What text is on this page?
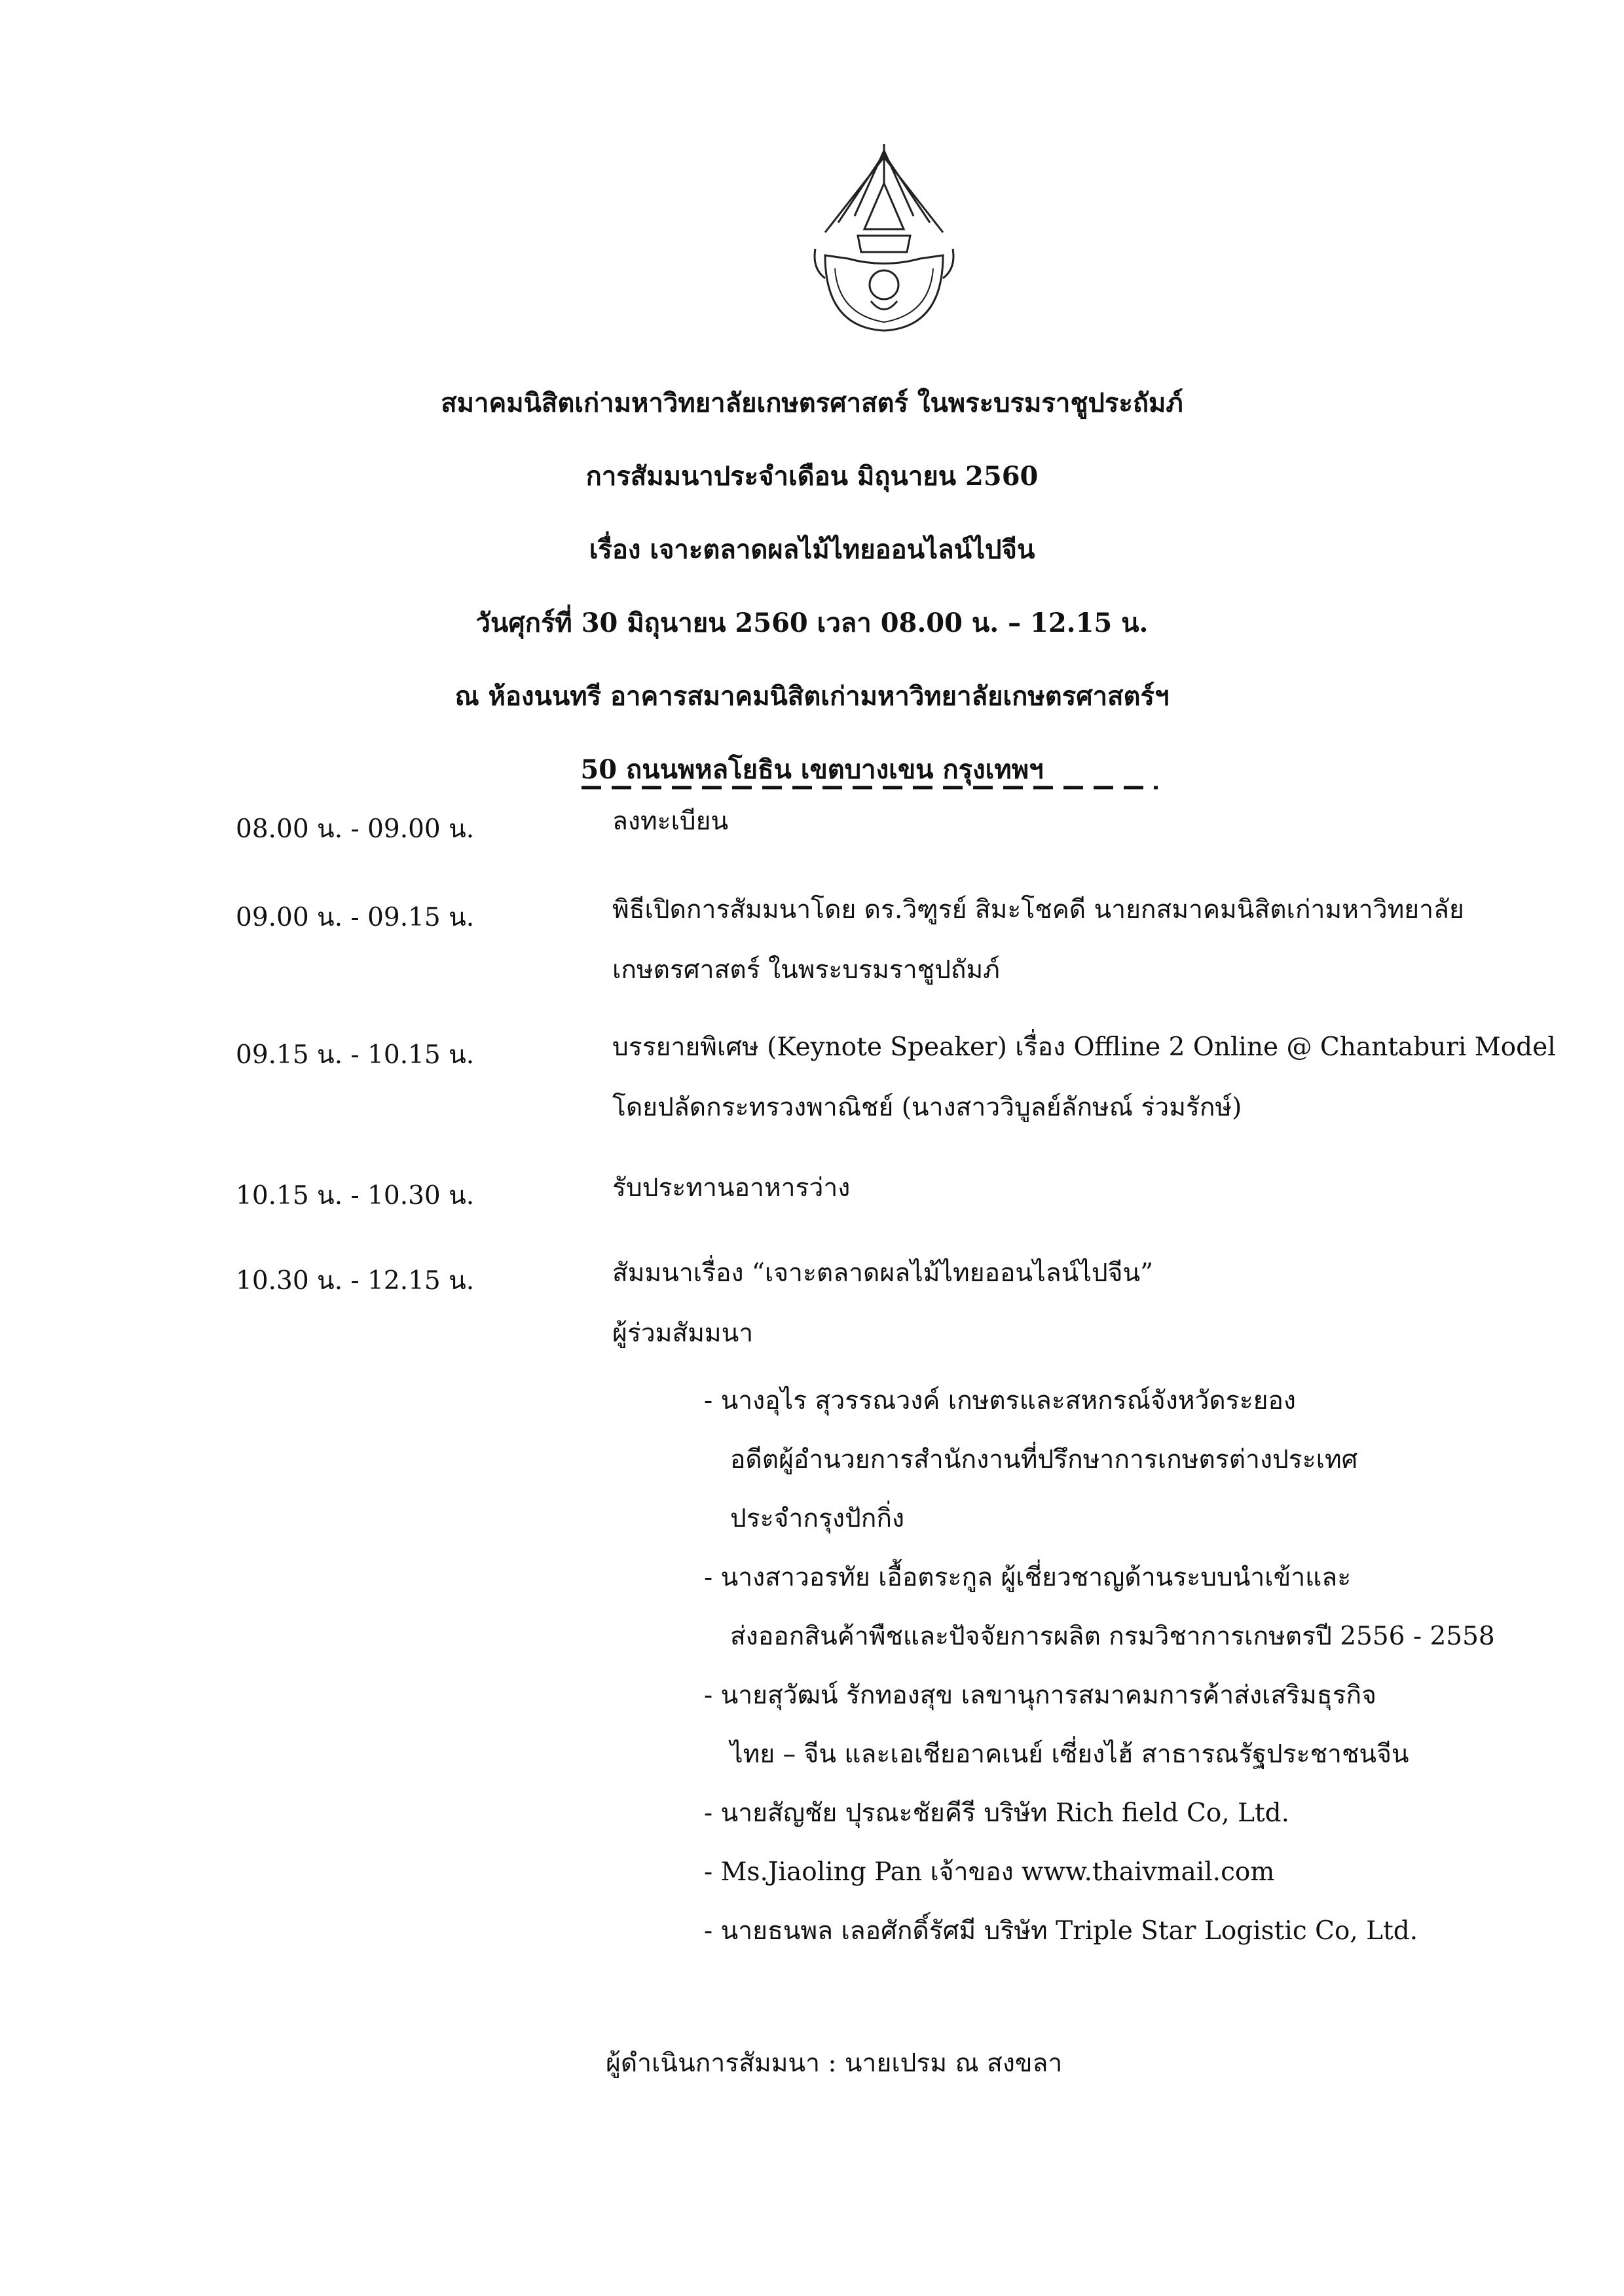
สมาคมนิสิตเก่ามหาวิทยาลัยเกษตรศาสตร์ ในพระบรมราชูประถัมภ์
การสัมมนาประจำเดือน มิถุนายน 2560
เรื่อง เจาะตลาดผลไม้ไทยออนไลน์ไปจีน
วันศุกร์ที่ 30 มิถุนายน 2560 เวลา 08.00 น. – 12.15 น.
ณ ห้องนนทรี อาคารสมาคมนิสิตเก่ามหาวิทยาลัยเกษตรศาสตร์ฯ
50 ถนนพหลโยธิน เขตบางเขน กรุงเทพฯ
08.00 น. - 09.00 น.	ลงทะเบียน

09.00 น. - 09.15 น.	พิธีเปิดการสัมมนาโดย ดร.วิฑูรย์ สิมะโชคดี นายกสมาคมนิสิตเก่ามหาวิทยาลัย

เกษตรศาสตร์ ในพระบรมราชูปถัมภ์

09.15 น. - 10.15 น.	บรรยายพิเศษ (Keynote Speaker) เรื่อง Offline 2 Online @ Chantaburi Model

โดยปลัดกระทรวงพาณิชย์ (นางสาววิบูลย์ลักษณ์ ร่วมรักษ์)

10.15 น. - 10.30 น.	รับประทานอาหารว่าง

10.30 น. - 12.15 น.	สัมมนาเรื่อง “เจาะตลาดผลไม้ไทยออนไลน์ไปจีน”

ผู้ร่วมสัมมนา

- นางอุไร สุวรรณวงค์ เกษตรและสหกรณ์จังหวัดระยอง

อดีตผู้อำนวยการสำนักงานที่ปรึกษาการเกษตรต่างประเทศ

ประจำกรุงปักกิ่ง

- นางสาวอรทัย เอื้อตระกูล ผู้เชี่ยวชาญด้านระบบนำเข้าและ

ส่งออกสินค้าพืชและปัจจัยการผลิต กรมวิชาการเกษตรปี 2556 - 2558

- นายสุวัฒน์ รักทองสุข เลขานุการสมาคมการค้าส่งเสริมธุรกิจ

ไทย – จีน และเอเชียอาคเนย์ เซี่ยงไฮ้ สาธารณรัฐประชาชนจีน

- นายสัญชัย ปุรณะชัยคีรี บริษัท Rich field Co, Ltd.

- Ms.Jiaoling Pan เจ้าของ www.thaivmail.com

- นายธนพล เลอศักดิ์รัศมี บริษัท Triple Star Logistic Co, Ltd.

ผู้ดำเนินการสัมมนา : นายเปรม ณ สงขลา
